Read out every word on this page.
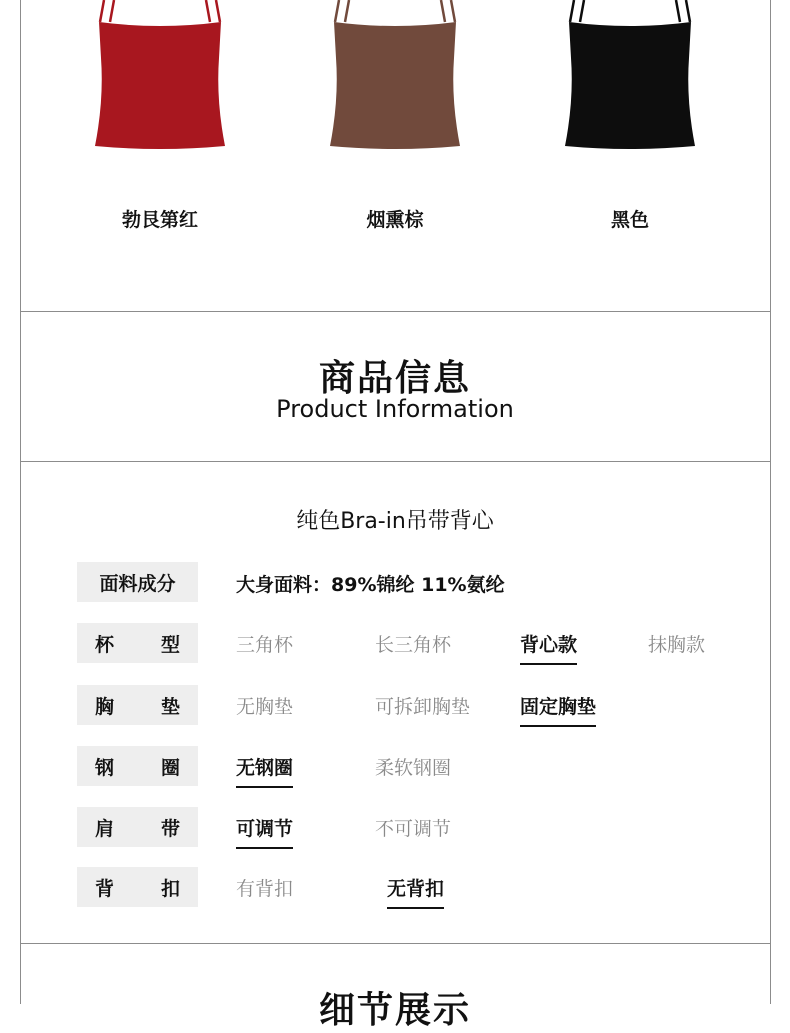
勃艮第红	烟熏棕	黑色
商品信息
Product Information
纯色Bra-in吊带背心
面料成分	大身面料：89%锦纶 11%氨纶
杯 型	三角杯	长三角杯	背心款	抹胸款
胸 垫	无胸垫	可拆卸胸垫	固定胸垫
钢 圈	无钢圈	柔软钢圈
肩 带	可调节	不可调节
背 扣	有背扣	无背扣
细节展示
